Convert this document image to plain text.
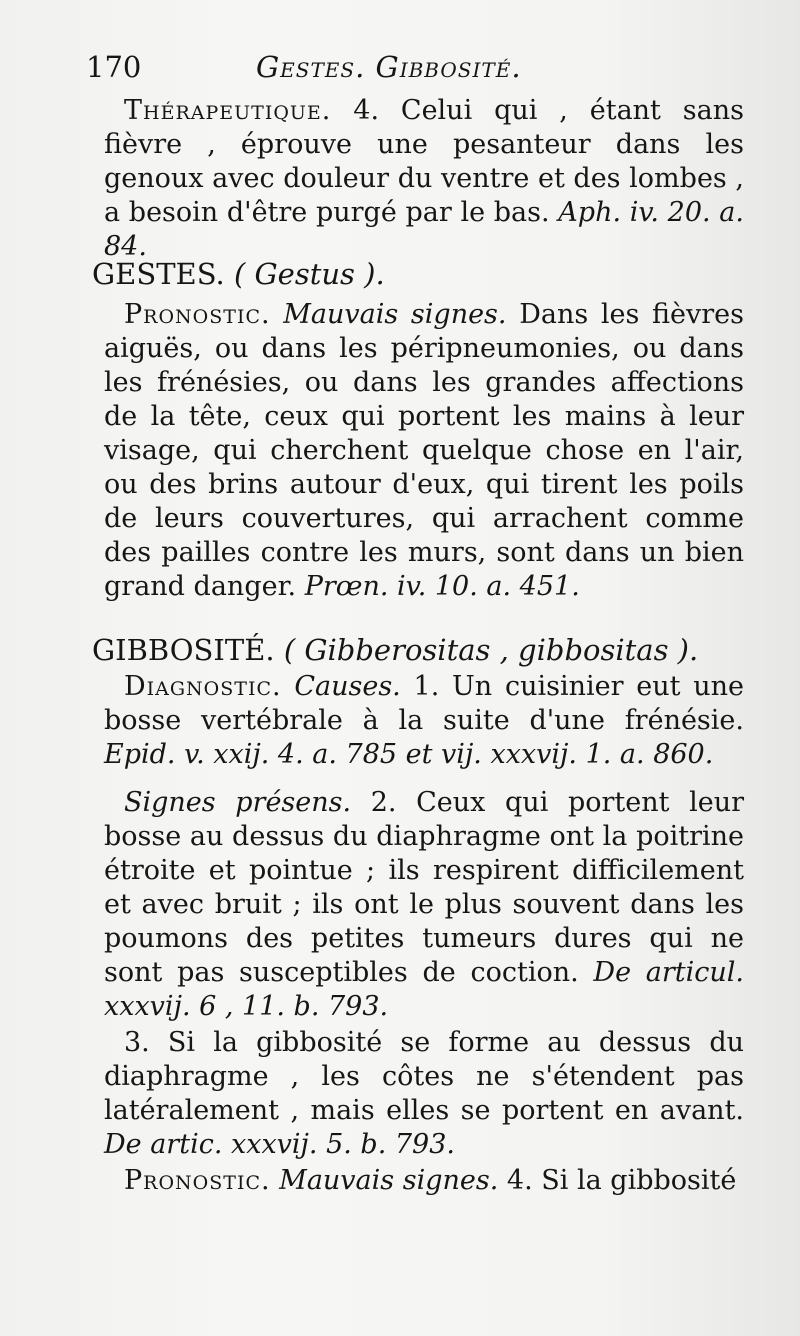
170	Gestes. Gibbosité.

Thérapeutique. 4. Celui qui , étant sans fièvre , éprouve une pesanteur dans les genoux avec douleur du ventre et des lombes , a besoin d'être purgé par le bas. Aph. iv. 20. a. 84.

GESTES. ( Gestus ).

Pronostic. Mauvais signes. Dans les fièvres aiguës, ou dans les péripneumonies, ou dans les frénésies, ou dans les grandes affections de la tête, ceux qui portent les mains à leur visage, qui cherchent quelque chose en l'air, ou des brins autour d'eux, qui tirent les poils de leurs couvertures, qui arrachent comme des pailles contre les murs, sont dans un bien grand danger. Prœn. iv. 10. a. 451.

GIBBOSITÉ. ( Gibberositas , gibbositas ).

Diagnostic. Causes. 1. Un cuisinier eut une bosse vertébrale à la suite d'une frénésie. Epid. v. xxij. 4. a. 785 et vij. xxxvij. 1. a. 860.

Signes présens. 2. Ceux qui portent leur bosse au dessus du diaphragme ont la poitrine étroite et pointue ; ils respirent difficilement et avec bruit ; ils ont le plus souvent dans les poumons des petites tumeurs dures qui ne sont pas susceptibles de coction. De articul. xxxvij. 6 , 11. b. 793.

3. Si la gibbosité se forme au dessus du diaphragme , les côtes ne s'étendent pas latéralement , mais elles se portent en avant. De artic. xxxvij. 5. b. 793.

Pronostic. Mauvais signes. 4. Si la gibbosité
